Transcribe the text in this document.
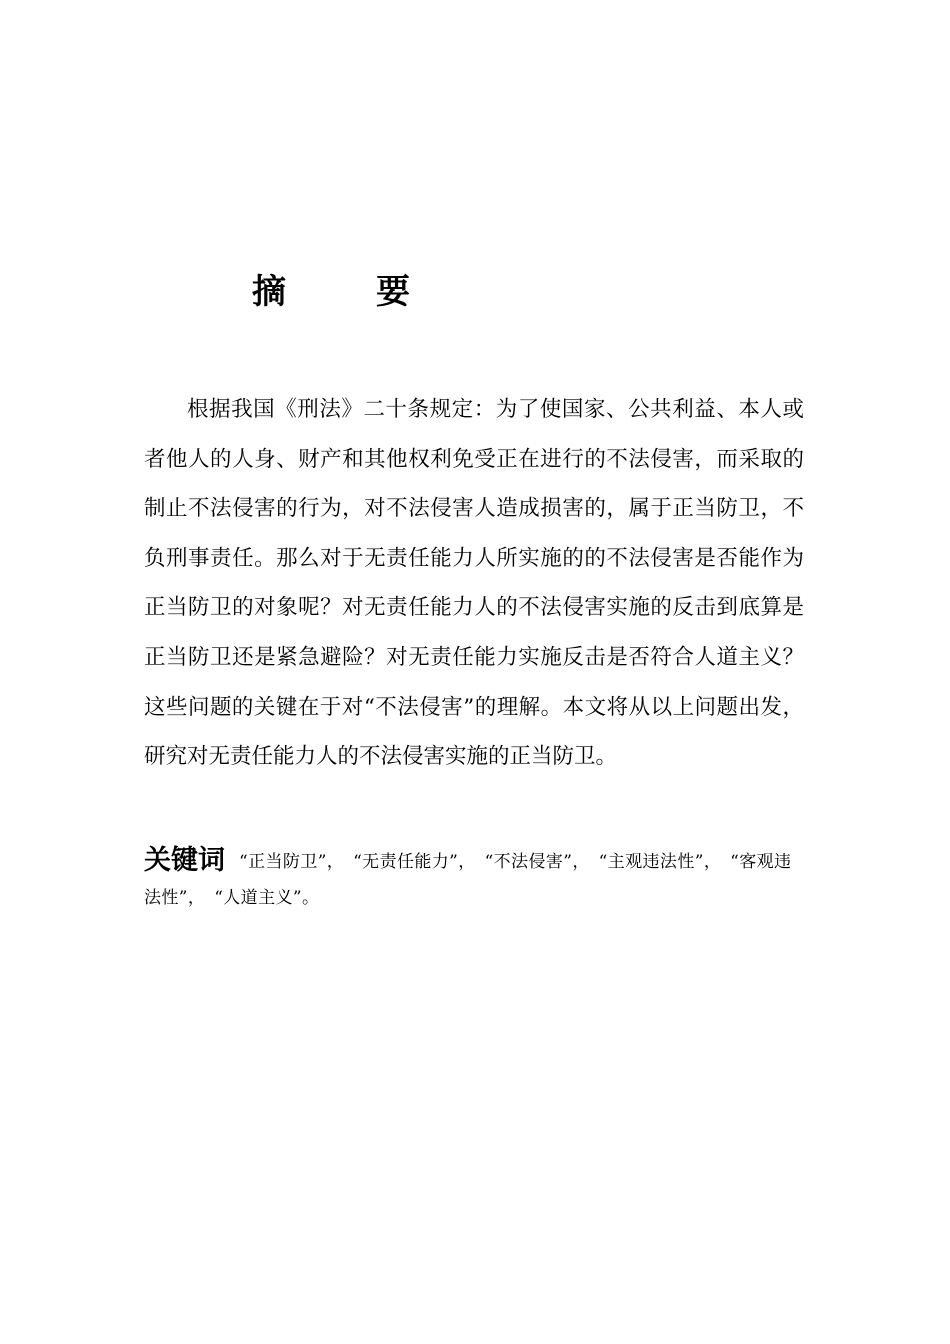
摘　要

根据我国《刑法》二十条规定：为了使国家、公共利益、本人或者他人的人身、财产和其他权利免受正在进行的不法侵害，而采取的制止不法侵害的行为，对不法侵害人造成损害的，属于正当防卫，不负刑事责任。那么对于无责任能力人所实施的的不法侵害是否能作为正当防卫的对象呢？对无责任能力人的不法侵害实施的反击到底算是正当防卫还是紧急避险？对无责任能力实施反击是否符合人道主义？这些问题的关键在于对“不法侵害”的理解。本文将从以上问题出发，研究对无责任能力人的不法侵害实施的正当防卫。

关键词 “正当防卫”，　“无责任能力”，　“不法侵害”，　“主观违法性”，　“客观违法性”，　“人道主义”。
